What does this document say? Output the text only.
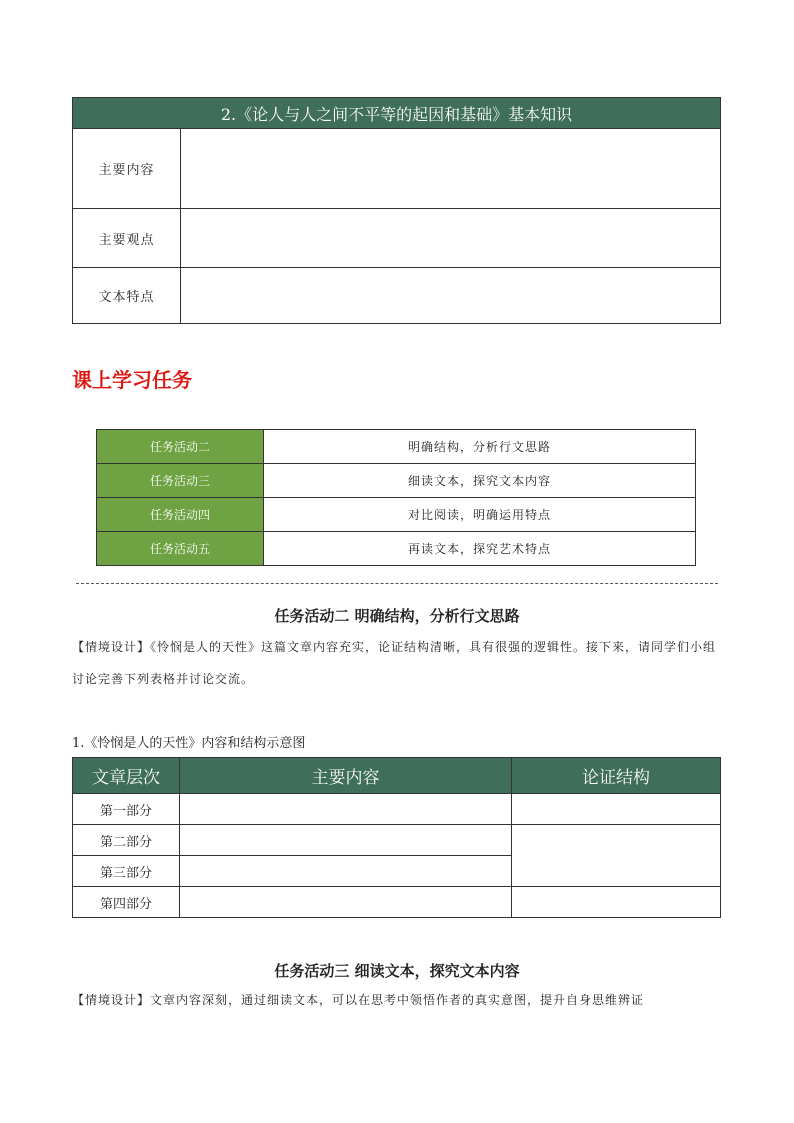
2.《论人与人之间不平等的起因和基础》基本知识	
主要内容	
主要观点	
文本特点	
课上学习任务
任务活动二	明确结构，分析行文思路
任务活动三	细读文本，探究文本内容
任务活动四	对比阅读，明确运用特点
任务活动五	再读文本，探究艺术特点
任务活动二 明确结构，分析行文思路

【情境设计】《怜悯是人的天性》这篇文章内容充实，论证结构清晰，具有很强的逻辑性。接下来，请同学们小组讨论完善下列表格并讨论交流。

1.《怜悯是人的天性》内容和结构示意图

文章层次	主要内容	论证结构
第一部分		
第二部分		
第三部分		
第四部分		
任务活动三 细读文本，探究文本内容

【情境设计】文章内容深刻，通过细读文本，可以在思考中领悟作者的真实意图，提升自身思维辨证
